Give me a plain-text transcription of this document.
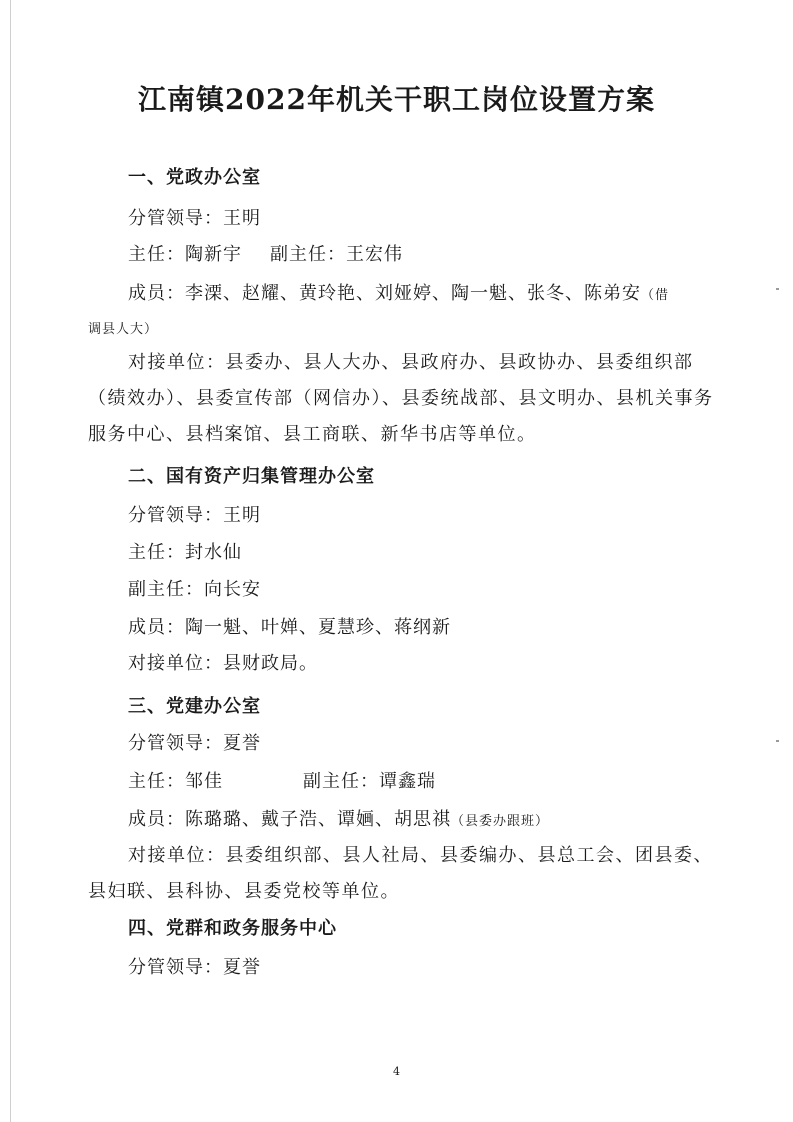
江南镇2022年机关干职工岗位设置方案
一、党政办公室
分管领导：王明
主任：陶新宇 副主任：王宏伟
成员：李溧、赵耀、黄玲艳、刘娅婷、陶一魁、张冬、陈弟安（借
调县人大）
对接单位：县委办、县人大办、县政府办、县政协办、县委组织部（绩效办）、县委宣传部（网信办）、县委统战部、县文明办、县机关事务服务中心、县档案馆、县工商联、新华书店等单位。
二、国有资产归集管理办公室
分管领导：王明
主任：封水仙
副主任：向长安
成员：陶一魁、叶婵、夏慧珍、蒋纲新
对接单位：县财政局。
三、党建办公室
分管领导：夏誉
主任：邹佳	副主任：谭鑫瑞
成员：陈璐璐、戴子浩、谭婳、胡思祺（县委办跟班）
对接单位：县委组织部、县人社局、县委编办、县总工会、团县委、县妇联、县科协、县委党校等单位。
四、党群和政务服务中心
分管领导：夏誉
4
